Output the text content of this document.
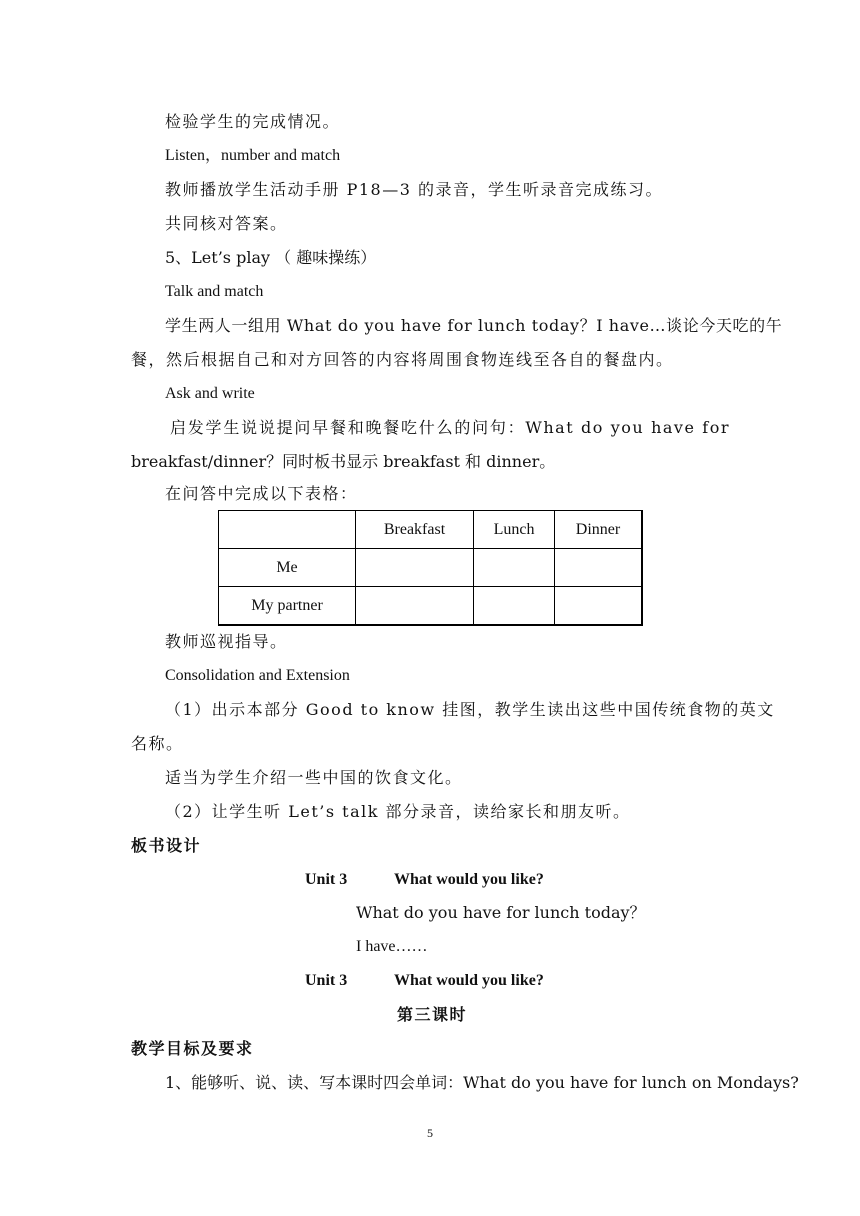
检验学生的完成情况。
Listen，number and match
教师播放学生活动手册 P18—3 的录音，学生听录音完成练习。
共同核对答案。
5、Let’s play （ 趣味操练）
Talk and match
学生两人一组用 What do you have for lunch today？I have…谈论今天吃的午
餐，然后根据自己和对方回答的内容将周围食物连线至各自的餐盘内。
Ask and write
启发学生说说提问早餐和晚餐吃什么的问句：What do you have for
breakfast/dinner？同时板书显示 breakfast 和 dinner。
在问答中完成以下表格：
	Breakfast	Lunch	Dinner
Me			
My partner			
教师巡视指导。
Consolidation and Extension
（1）出示本部分 Good to know 挂图，教学生读出这些中国传统食物的英文
名称。
适当为学生介绍一些中国的饮食文化。
（2）让学生听 Let’s talk 部分录音，读给家长和朋友听。
板书设计
Unit 3	What would you like?
What do you have for lunch today？
I have……
Unit 3	What would you like?
第三课时
教学目标及要求
1、能够听、说、读、写本课时四会单词：What do you have for lunch on Mondays?
5
